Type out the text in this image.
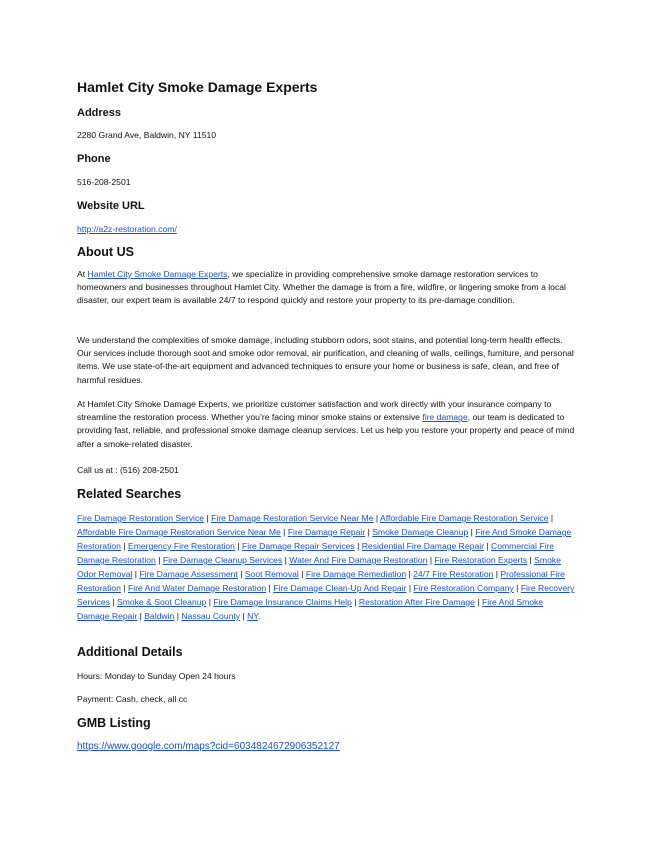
Hamlet City Smoke Damage Experts
Address
2280 Grand Ave, Baldwin, NY 11510
Phone
516-208-2501
Website URL
http://a2z-restoration.com/
About US
At Hamlet City Smoke Damage Experts, we specialize in providing comprehensive smoke damage restoration services to homeowners and businesses throughout Hamlet City. Whether the damage is from a fire, wildfire, or lingering smoke from a local disaster, our expert team is available 24/7 to respond quickly and restore your property to its pre-damage condition.
We understand the complexities of smoke damage, including stubborn odors, soot stains, and potential long-term health effects. Our services include thorough soot and smoke odor removal, air purification, and cleaning of walls, ceilings, furniture, and personal items. We use state-of-the-art equipment and advanced techniques to ensure your home or business is safe, clean, and free of harmful residues.
At Hamlet City Smoke Damage Experts, we prioritize customer satisfaction and work directly with your insurance company to streamline the restoration process. Whether you’re facing minor smoke stains or extensive fire damage, our team is dedicated to providing fast, reliable, and professional smoke damage cleanup services. Let us help you restore your property and peace of mind after a smoke-related disaster.
Call us at : (516) 208-2501
Related Searches
Fire Damage Restoration Service | Fire Damage Restoration Service Near Me | Affordable Fire Damage Restoration Service | Affordable Fire Damage Restoration Service Near Me | Fire Damage Repair | Smoke Damage Cleanup | Fire And Smoke Damage Restoration | Emergency Fire Restoration | Fire Damage Repair Services | Residential Fire Damage Repair | Commercial Fire Damage Restoration | Fire Damage Cleanup Services | Water And Fire Damage Restoration | Fire Restoration Experts | Smoke Odor Removal | Fire Damage Assessment | Soot Removal | Fire Damage Remediation | 24/7 Fire Restoration | Professional Fire Restoration | Fire And Water Damage Restoration | Fire Damage Clean-Up And Repair | Fire Restoration Company | Fire Recovery Services | Smoke & Soot Cleanup | Fire Damage Insurance Claims Help | Restoration After Fire Damage | Fire And Smoke Damage Repair | Baldwin | Nassau County | NY.
Additional Details
Hours: Monday to Sunday Open 24 hours
Payment: Cash, check, all cc
GMB Listing
https://www.google.com/maps?cid=6034824672906352127
